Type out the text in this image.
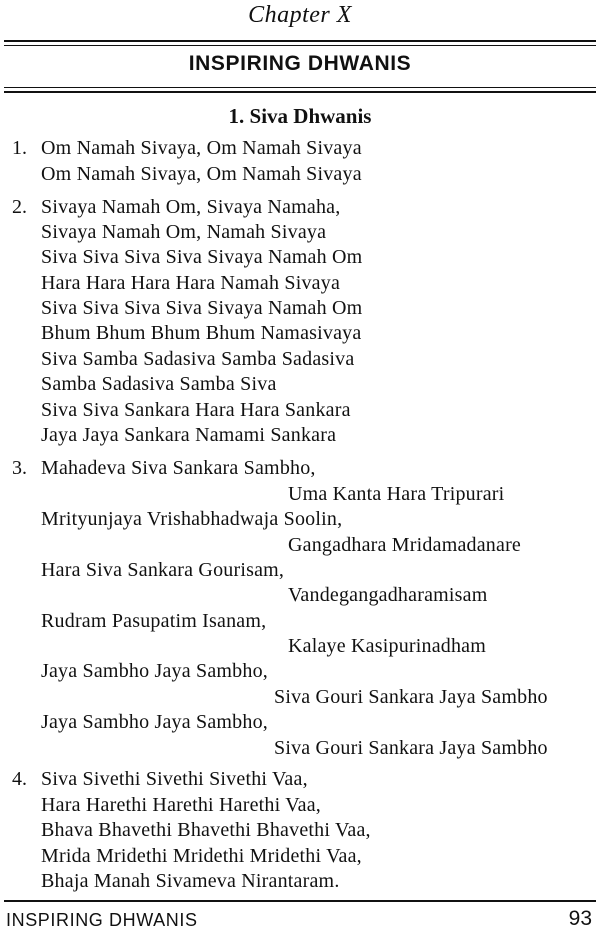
Chapter X
INSPIRING DHWANIS
1. Siva Dhwanis
1. Om Namah Sivaya, Om Namah Sivaya
Om Namah Sivaya, Om Namah Sivaya
2. Sivaya Namah Om, Sivaya Namaha,
Sivaya Namah Om, Namah Sivaya
Siva Siva Siva Siva Sivaya Namah Om
Hara Hara Hara Hara Namah Sivaya
Siva Siva Siva Siva Sivaya Namah Om
Bhum Bhum Bhum Bhum Namasivaya
Siva Samba Sadasiva Samba Sadasiva
Samba Sadasiva Samba Siva
Siva Siva Sankara Hara Hara Sankara
Jaya Jaya Sankara Namami Sankara
3. Mahadeva Siva Sankara Sambho,
Uma Kanta Hara Tripurari
Mrityunjaya Vrishabhadwaja Soolin,
Gangadhara Mridamadanare
Hara Siva Sankara Gourisam,
Vandegangadharamisam
Rudram Pasupatim Isanam,
Kalaye Kasipurinadham
Jaya Sambho Jaya Sambho,
Siva Gouri Sankara Jaya Sambho
Jaya Sambho Jaya Sambho,
Siva Gouri Sankara Jaya Sambho
4. Siva Sivethi Sivethi Sivethi Vaa,
Hara Harethi Harethi Harethi Vaa,
Bhava Bhavethi Bhavethi Bhavethi Vaa,
Mrida Mridethi Mridethi Mridethi Vaa,
Bhaja Manah Sivameva Nirantaram.
INSPIRING DHWANIS	93
